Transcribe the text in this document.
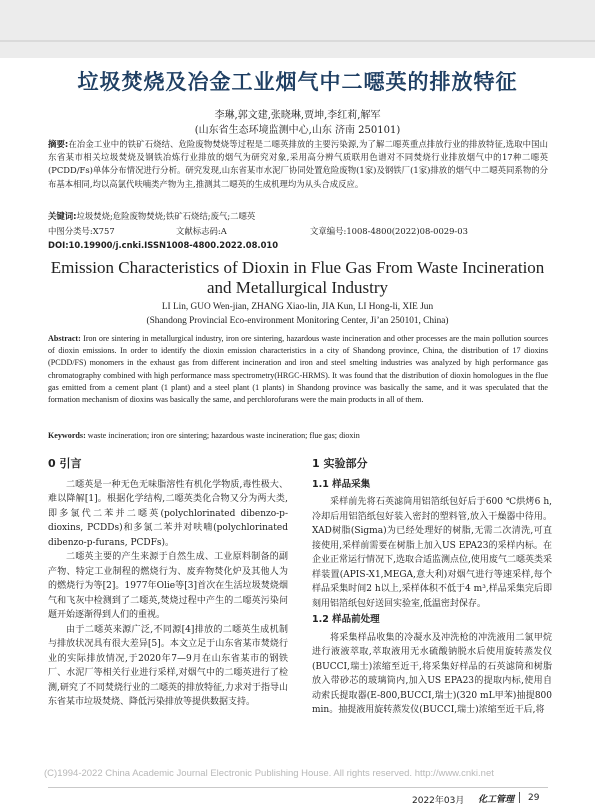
垃圾焚烧及冶金工业烟气中二噁英的排放特征
李琳,郭文建,张晓琳,贾坤,李红莉,解军
(山东省生态环境监测中心,山东 济南 250101)
摘要:在冶金工业中的铁矿石烧结、危险废物焚烧等过程是二噁英排放的主要污染源,为了解二噁英重点排放行业的排放特征,选取中国山东省某市相关垃圾焚烧及钢铁冶炼行业排放的烟气为研究对象,采用高分辨气质联用色谱对不同焚烧行业排放烟气中的17种二噁英(PCDD/Fs)单体分布情况进行分析。研究发现,山东省某市水泥厂协同处置危险废物(1家)及钢铁厂(1家)排放的烟气中二噁英同系物的分布基本相同,均以高氯代呋喃类产物为主,推测其二噁英的生成机理均为从头合成反应。
关键词:垃圾焚烧;危险废物焚烧;铁矿石烧结;废气;二噁英
中图分类号:X757	文献标志码:A	文章编号:1008-4800(2022)08-0029-03
DOI:10.19900/j.cnki.ISSN1008-4800.2022.08.010
Emission Characteristics of Dioxin in Flue Gas From Waste Incineration and Metallurgical Industry
LI Lin, GUO Wen-jian, ZHANG Xiao-lin, JIA Kun, LI Hong-li, XIE Jun
(Shandong Provincial Eco-environment Monitoring Center, Ji’an 250101, China)
Abstract: Iron ore sintering in metallurgical industry, iron ore sintering, hazardous waste incineration and other processes are the main pollution sources of dioxin emissions. In order to identify the dioxin emission characteristics in a city of Shandong province, China, the distribution of 17 dioxins (PCDD/FS) monomers in the exhaust gas from different incineration and iron and steel smelting industries was analyzed by high performance gas chromatography combined with high performance mass spectrometry(HRGC-HRMS). It was found that the distribution of dioxin homologues in the flue gas emitted from a cement plant (1 plant) and a steel plant (1 plants) in Shandong province was basically the same, and it was speculated that the formation mechanism of dioxins was basically the same, and perchlorofurans were the main products in all of them.
Keywords: waste incineration; iron ore sintering; hazardous waste incineration; flue gas; dioxin
0 引言

二噁英是一种无色无味脂溶性有机化学物质,毒性极大、难以降解[1]。根据化学结构,二噁英类化合物又分为两大类,即多氯代二苯并二噁英(polychlorinated dibenzo-p-dioxins, PCDDs)和多氯二苯并对呋喃(polychlorinated dibenzo-p-furans, PCDFs)。

二噁英主要的产生来源于自然生成、工业原料制备的副产物、特定工业制程的燃烧行为、废弃物焚化炉及其他人为的燃烧行为等[2]。1977年Olie等[3]首次在生活垃圾焚烧烟气和飞灰中检测到了二噁英,焚烧过程中产生的二噁英污染问题开始逐渐得到人们的重视。

由于二噁英来源广泛,不同源[4]排放的二噁英生成机制与排放状况具有很大差异[5]。本文立足于山东省某市焚烧行业的实际排放情况,于2020年7—9月在山东省某市的钢铁厂、水泥厂等相关行业进行采样,对烟气中的二噁英进行了检测,研究了不同焚烧行业的二噁英的排放特征,力求对于指导山东省某市垃圾焚烧、降低污染排放等提供数据支持。

1 实验部分
1.1 样品采集

采样前先将石英滤筒用铝箔纸包好后于600 ℃烘烤6 h,冷却后用铝箔纸包好装入密封的塑料管,放入干燥器中待用。XAD树脂(Sigma)为已经处理好的树脂,无需二次清洗,可直接使用,采样前需要在树脂上加入US EPA23的采样内标。在企业正常运行情况下,选取合适监测点位,使用废气二噁英类采样装置(APIS-X1,MEGA,意大利)对烟气进行等速采样,每个样品采集时间2 h以上,采样体积不低于4 m³,样品采集完后即刻用铝箔纸包好送回实验室,低温密封保存。

1.2 样品前处理

将采集样品收集的冷凝水及冲洗枪的冲洗液用二氯甲烷进行液液萃取,萃取液用无水硫酸钠脱水后使用旋转蒸发仪(BUCCI,瑞士)浓缩至近干,将采集好样品的石英滤筒和树脂放入带砂芯的玻璃筒内,加入US EPA23的提取内标,使用自动索氏提取器(E-800,BUCCI,瑞士)(320 mL甲苯)抽提800 min。抽提液用旋转蒸发仪(BUCCI,瑞士)浓缩至近干后,将

(C)1994-2022 China Academic Journal Electronic Publishing House. All rights reserved. http://www.cnki.net
2022年03月 化工管理 29
